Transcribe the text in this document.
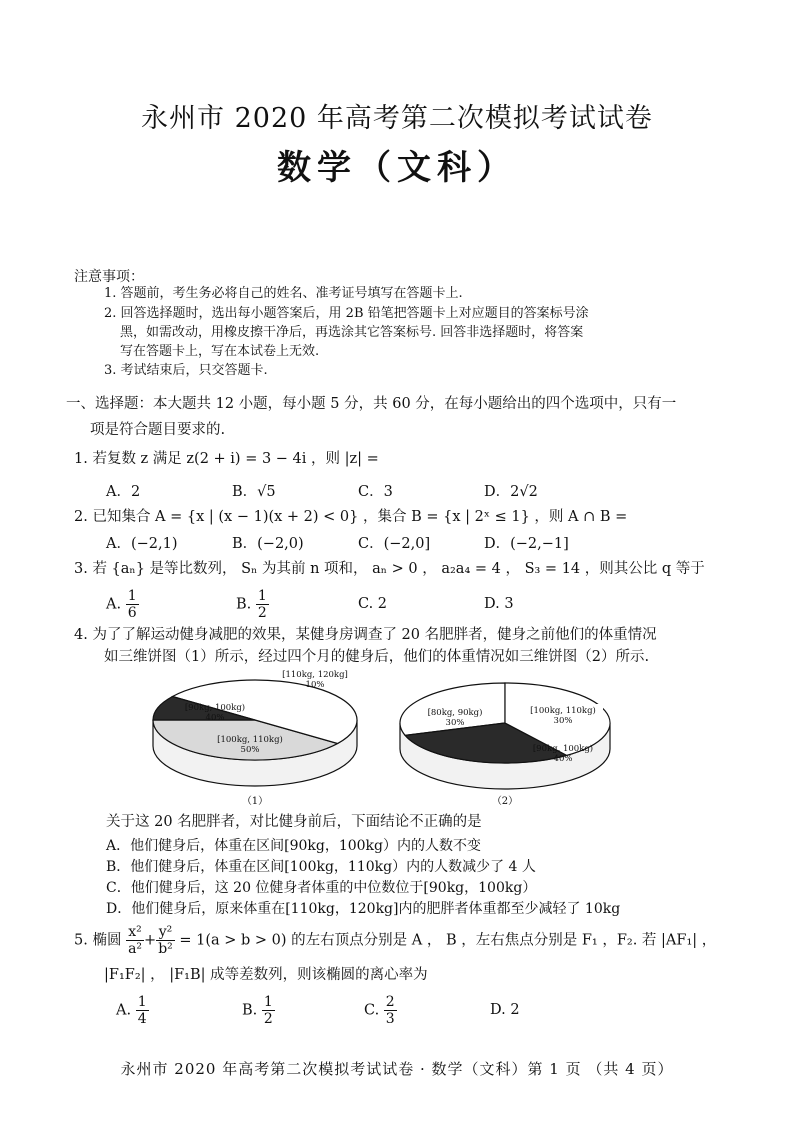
永州市 2020 年高考第二次模拟考试试卷
数学（文科）
注意事项：
1. 答题前，考生务必将自己的姓名、准考证号填写在答题卡上.
2. 回答选择题时，选出每小题答案后，用 2B 铅笔把答题卡上对应题目的答案标号涂
黑，如需改动，用橡皮擦干净后，再选涂其它答案标号. 回答非选择题时，将答案
写在答题卡上，写在本试卷上无效.
3. 考试结束后，只交答题卡.
一、选择题：本大题共 12 小题，每小题 5 分，共 60 分，在每小题给出的四个选项中，只有一
项是符合题目要求的.
1. 若复数 z 满足 z(2 + i) = 3 − 4i ，则 |z| =
A．2	B．√5	C．3	D．2√2
2. 已知集合 A = {x | (x − 1)(x + 2) < 0} ，集合 B = {x | 2ˣ ≤ 1} ，则 A ∩ B =
A．(−2,1)	B．(−2,0)	C．(−2,0]	D．(−2,−1]
3. 若 {aₙ} 是等比数列， Sₙ 为其前 n 项和， aₙ > 0 ， a₂a₄ = 4 ， S₃ = 14 ，则其公比 q 等于
A. $\frac{1}{6}$	B. $\frac{1}{2}$	C. 2	D. 3
4. 为了了解运动健身减肥的效果，某健身房调查了 20 名肥胖者，健身之前他们的体重情况
如三维饼图（1）所示，经过四个月的健身后，他们的体重情况如三维饼图（2）所示.
[90kg, 100kg)
40%
[100kg, 110kg)
50%
[110kg, 120kg]
10%
（1）
[80kg, 90kg)
30%
[100kg, 110kg)
30%
[90kg, 100kg)
40%
（2）
关于这 20 名肥胖者，对比健身前后，下面结论不正确的是
A．他们健身后，体重在区间[90kg，100kg）内的人数不变
B．他们健身后，体重在区间[100kg，110kg）内的人数减少了 4 人
C．他们健身后，这 20 位健身者体重的中位数位于[90kg，100kg）
D．他们健身后，原来体重在[110kg，120kg]内的肥胖者体重都至少减轻了 10kg
5. 椭圆 $\frac{\text{x²}}{\text{a²}} + \frac{\text{y²}}{\text{b²}} = 1(a > b > 0)$ 的左右顶点分别是 A ， B ，左右焦点分别是 F₁ ，F₂. 若 |AF₁| ，
|F₁F₂| ， |F₁B| 成等差数列，则该椭圆的离心率为
A. $\frac{1}{4}$	B. $\frac{1}{2}$	C. $\frac{2}{3}$	D. 2
永州市 2020 年高考第二次模拟考试试卷 · 数学（文科）第 1 页 （共 4 页）
